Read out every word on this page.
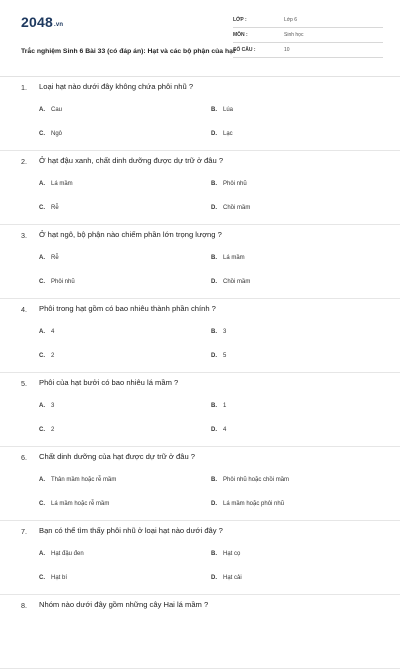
2048.vn
Trắc nghiệm Sinh 6 Bài 33 (có đáp án): Hạt và các bộ phận của hạt
LỚP :	Lớp 6
MÔN :	Sinh học
SỐ CÂU :	10
1. Loại hạt nào dưới đây không chứa phôi nhũ ?
A. Cau	B. Lúa
C. Ngô	D. Lạc
2. Ở hạt đậu xanh, chất dinh dưỡng được dự trữ ở đâu ?
A. Lá mầm	B. Phôi nhũ
C. Rễ	D. Chồi mầm
3. Ở hạt ngô, bộ phận nào chiếm phần lớn trọng lượng ?
A. Rễ	B. Lá mầm
C. Phôi nhũ	D. Chồi mầm
4. Phôi trong hạt gồm có bao nhiêu thành phần chính ?
A. 4	B. 3
C. 2	D. 5
5. Phôi của hạt bưởi có bao nhiêu lá mầm ?
A. 3	B. 1
C. 2	D. 4
6. Chất dinh dưỡng của hạt được dự trữ ở đâu ?
A. Thân mầm hoặc rễ mầm	B. Phôi nhũ hoặc chồi mầm
C. Lá mầm hoặc rễ mầm	D. Lá mầm hoặc phôi nhũ
7. Bạn có thể tìm thấy phôi nhũ ở loại hạt nào dưới đây ?
A. Hạt đậu đen	B. Hạt cọ
C. Hạt bí	D. Hạt cải
8. Nhóm nào dưới đây gồm những cây Hai lá mầm ?
